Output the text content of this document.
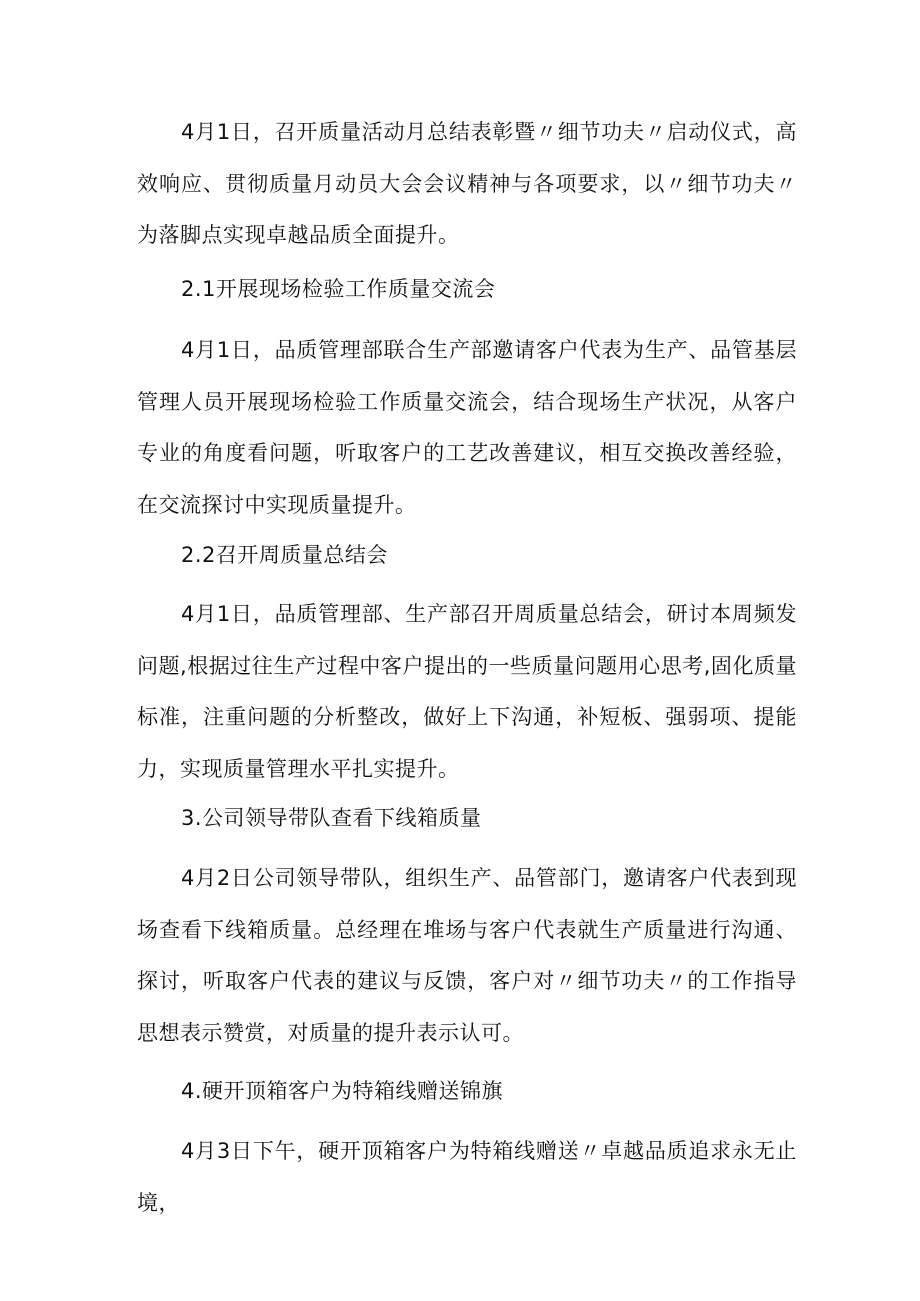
4月1日，召开质量活动月总结表彰暨〃细节功夫〃启动仪式，高效响应、贯彻质量月动员大会会议精神与各项要求，以〃细节功夫〃为落脚点实现卓越品质全面提升。

2.1开展现场检验工作质量交流会

4月1日，品质管理部联合生产部邀请客户代表为生产、品管基层管理人员开展现场检验工作质量交流会，结合现场生产状况，从客户专业的角度看问题，听取客户的工艺改善建议，相互交换改善经验，在交流探讨中实现质量提升。

2.2召开周质量总结会

4月1日，品质管理部、生产部召开周质量总结会，研讨本周频发问题,根据过往生产过程中客户提出的一些质量问题用心思考,固化质量标准，注重问题的分析整改，做好上下沟通，补短板、强弱项、提能力，实现质量管理水平扎实提升。

3.公司领导带队查看下线箱质量

4月2日公司领导带队，组织生产、品管部门，邀请客户代表到现场查看下线箱质量。总经理在堆场与客户代表就生产质量进行沟通、探讨，听取客户代表的建议与反馈，客户对〃细节功夫〃的工作指导思想表示赞赏，对质量的提升表示认可。

4.硬开顶箱客户为特箱线赠送锦旗

4月3日下午，硬开顶箱客户为特箱线赠送〃卓越品质追求永无止境，
